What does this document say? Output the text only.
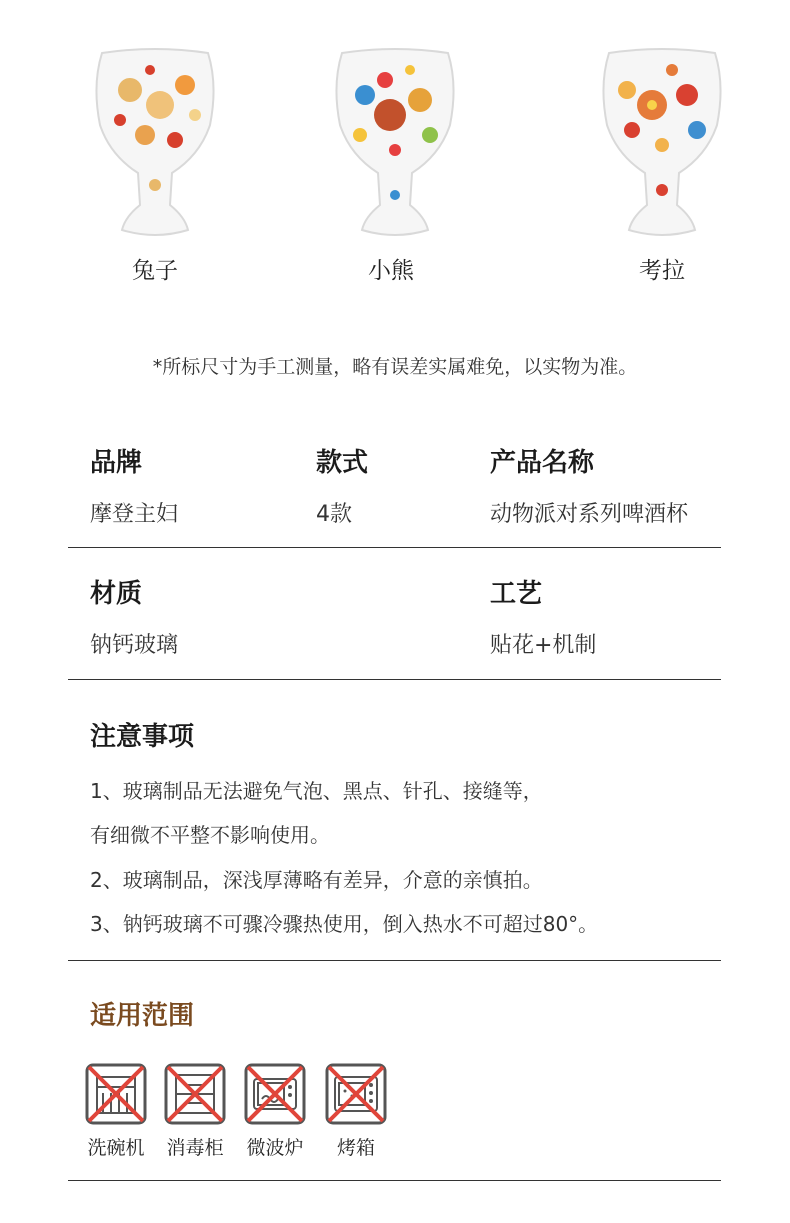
兔子	小熊	考拉
*所标尺寸为手工测量，略有误差实属难免，以实物为准。
品牌	款式	产品名称
摩登主妇	4款	动物派对系列啤酒杯
材质	工艺
钠钙玻璃	贴花+机制
注意事项
1、玻璃制品无法避免气泡、黑点、针孔、接缝等，
有细微不平整不影响使用。
2、玻璃制品，深浅厚薄略有差异，介意的亲慎拍。
3、钠钙玻璃不可骤冷骤热使用，倒入热水不可超过80°。
适用范围
洗碗机	消毒柜	微波炉	烤箱
